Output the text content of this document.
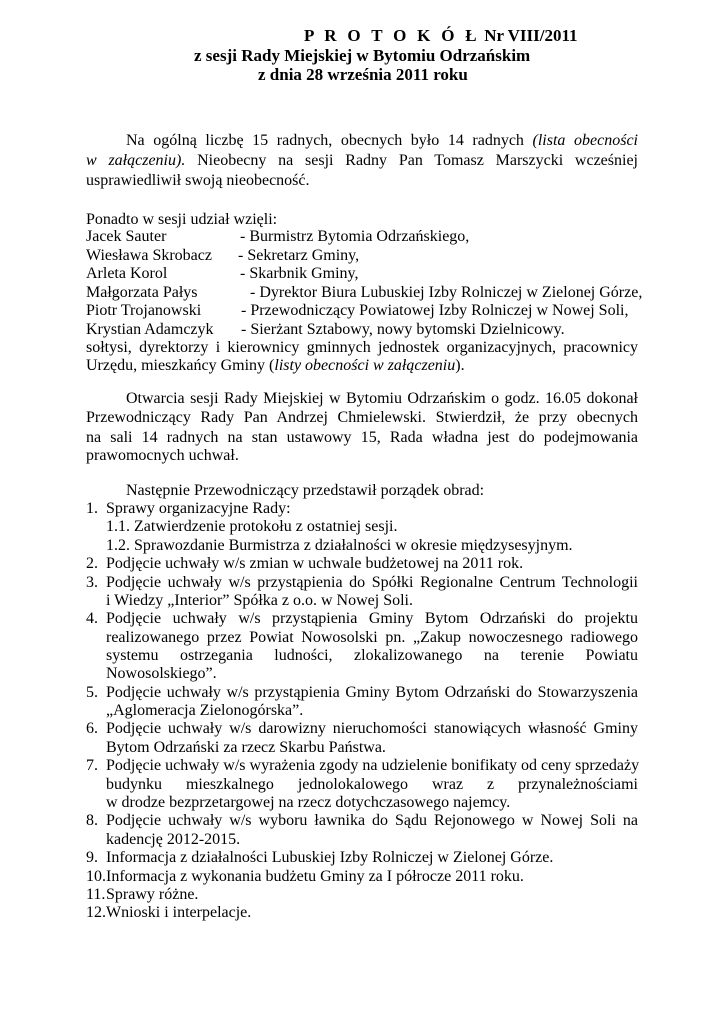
P R O T O K Ó Ł Nr VIII/2011
z sesji Rady Miejskiej w Bytomiu Odrzańskim
z dnia 28 września 2011 roku
Na ogólną liczbę 15 radnych, obecnych było 14 radnych (lista obecności
w załączeniu). Nieobecny na sesji Radny Pan Tomasz Marszycki wcześniej
usprawiedliwił swoją nieobecność.
Ponadto w sesji udział wzięli:
Jacek Sauter	- Burmistrz Bytomia Odrzańskiego,
Wiesława Skrobacz - Sekretarz Gminy,
Arleta Korol	- Skarbnik Gminy,
Małgorzata Pałys	- Dyrektor Biura Lubuskiej Izby Rolniczej w Zielonej Górze,
Piotr Trojanowski - Przewodniczący Powiatowej Izby Rolniczej w Nowej Soli,
Krystian Adamczyk - Sierżant Sztabowy, nowy bytomski Dzielnicowy.
sołtysi, dyrektorzy i kierownicy gminnych jednostek organizacyjnych, pracownicy
Urzędu, mieszkańcy Gminy (listy obecności w załączeniu).
Otwarcia sesji Rady Miejskiej w Bytomiu Odrzańskim o godz. 16.05 dokonał
Przewodniczący Rady Pan Andrzej Chmielewski. Stwierdził, że przy obecnych
na sali 14 radnych na stan ustawowy 15, Rada władna jest do podejmowania
prawomocnych uchwał.
Następnie Przewodniczący przedstawił porządek obrad:
1. Sprawy organizacyjne Rady:
1.1. Zatwierdzenie protokołu z ostatniej sesji.
1.2. Sprawozdanie Burmistrza z działalności w okresie międzysesyjnym.
2. Podjęcie uchwały w/s zmian w uchwale budżetowej na 2011 rok.
3. Podjęcie uchwały w/s przystąpienia do Spółki Regionalne Centrum Technologii
i Wiedzy „Interior” Spółka z o.o. w Nowej Soli.
4. Podjęcie uchwały w/s przystąpienia Gminy Bytom Odrzański do projektu
realizowanego przez Powiat Nowosolski pn. „Zakup nowoczesnego radiowego
systemu ostrzegania ludności, zlokalizowanego na terenie Powiatu
Nowosolskiego”.
5. Podjęcie uchwały w/s przystąpienia Gminy Bytom Odrzański do Stowarzyszenia
„Aglomeracja Zielonogórska”.
6. Podjęcie uchwały w/s darowizny nieruchomości stanowiących własność Gminy
Bytom Odrzański za rzecz Skarbu Państwa.
7. Podjęcie uchwały w/s wyrażenia zgody na udzielenie bonifikaty od ceny sprzedaży
budynku mieszkalnego jednolokalowego wraz z przynależnościami
w drodze bezprzetargowej na rzecz dotychczasowego najemcy.
8. Podjęcie uchwały w/s wyboru ławnika do Sądu Rejonowego w Nowej Soli na
kadencję 2012-2015.
9. Informacja z działalności Lubuskiej Izby Rolniczej w Zielonej Górze.
10. Informacja z wykonania budżetu Gminy za I półrocze 2011 roku.
11. Sprawy różne.
12. Wnioski i interpelacje.
